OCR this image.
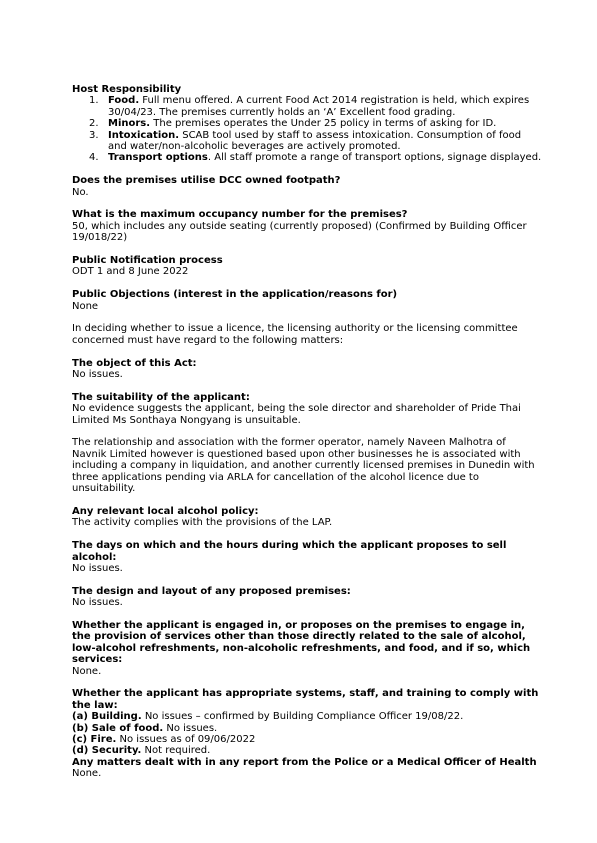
Host Responsibility
1. Food. Full menu offered. A current Food Act 2014 registration is held, which expires 30/04/23. The premises currently holds an ‘A’ Excellent food grading.
2. Minors. The premises operates the Under 25 policy in terms of asking for ID.
3. Intoxication. SCAB tool used by staff to assess intoxication. Consumption of food and water/non-alcoholic beverages are actively promoted.
4. Transport options. All staff promote a range of transport options, signage displayed.
Does the premises utilise DCC owned footpath?

No.

What is the maximum occupancy number for the premises?

50, which includes any outside seating (currently proposed) (Confirmed by Building Officer 19/018/22)

Public Notification process

ODT 1 and 8 June 2022

Public Objections (interest in the application/reasons for)

None

In deciding whether to issue a licence, the licensing authority or the licensing committee concerned must have regard to the following matters:

The object of this Act:

No issues.

The suitability of the applicant:

No evidence suggests the applicant, being the sole director and shareholder of Pride Thai Limited Ms Sonthaya Nongyang is unsuitable.

The relationship and association with the former operator, namely Naveen Malhotra of Navnik Limited however is questioned based upon other businesses he is associated with including a company in liquidation, and another currently licensed premises in Dunedin with three applications pending via ARLA for cancellation of the alcohol licence due to unsuitability.

Any relevant local alcohol policy:

The activity complies with the provisions of the LAP.

The days on which and the hours during which the applicant proposes to sell alcohol:

No issues.

The design and layout of any proposed premises:

No issues.

Whether the applicant is engaged in, or proposes on the premises to engage in, the provision of services other than those directly related to the sale of alcohol, low-alcohol refreshments, non-alcoholic refreshments, and food, and if so, which services:

None.

Whether the applicant has appropriate systems, staff, and training to comply with the law:

(a) Building. No issues – confirmed by Building Compliance Officer 19/08/22.

(b) Sale of food. No issues.

(c) Fire. No issues as of 09/06/2022

(d) Security. Not required.

Any matters dealt with in any report from the Police or a Medical Officer of Health

None.
